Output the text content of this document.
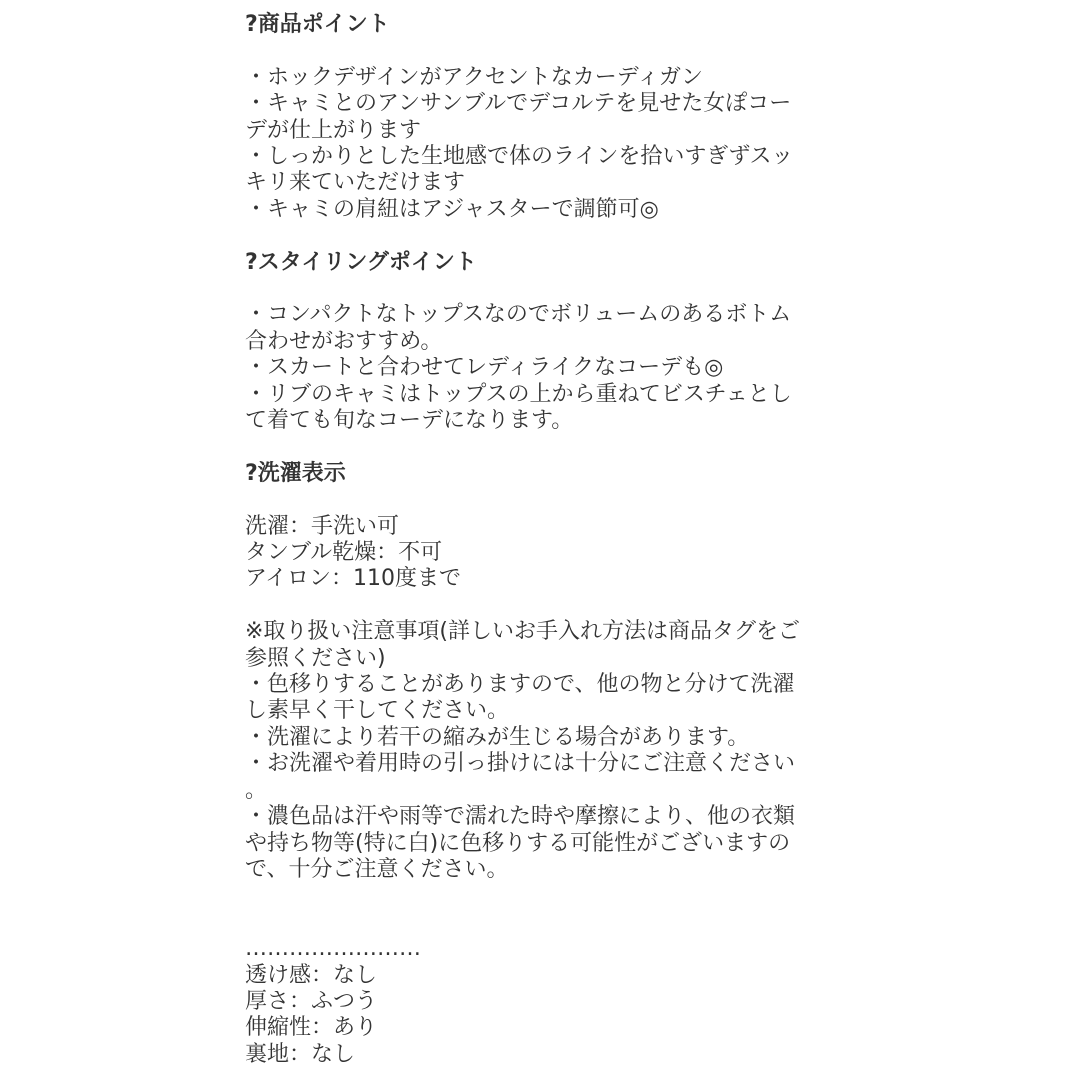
?商品ポイント
・ホックデザインがアクセントなカーディガン
・キャミとのアンサンブルでデコルテを見せた女ぽコー
デが仕上がります
・しっかりとした生地感で体のラインを拾いすぎずスッ
キリ来ていただけます
・キャミの肩紐はアジャスターで調節可◎
?スタイリングポイント
・コンパクトなトップスなのでボリュームのあるボトム
合わせがおすすめ。
・スカートと合わせてレディライクなコーデも◎
・リブのキャミはトップスの上から重ねてビスチェとし
て着ても旬なコーデになります。
?洗濯表示
洗濯：手洗い可
タンブル乾燥：不可
アイロン：110度まで
※取り扱い注意事項(詳しいお手入れ方法は商品タグをご
参照ください)
・色移りすることがありますので、他の物と分けて洗濯
し素早く干してください。
・洗濯により若干の縮みが生じる場合があります。
・お洗濯や着用時の引っ掛けには十分にご注意ください
。
・濃色品は汗や雨等で濡れた時や摩擦により、他の衣類
や持ち物等(特に白)に色移りする可能性がございますの
で、十分ご注意ください。
……………………
透け感：なし
厚さ：ふつう
伸縮性：あり
裏地：なし
